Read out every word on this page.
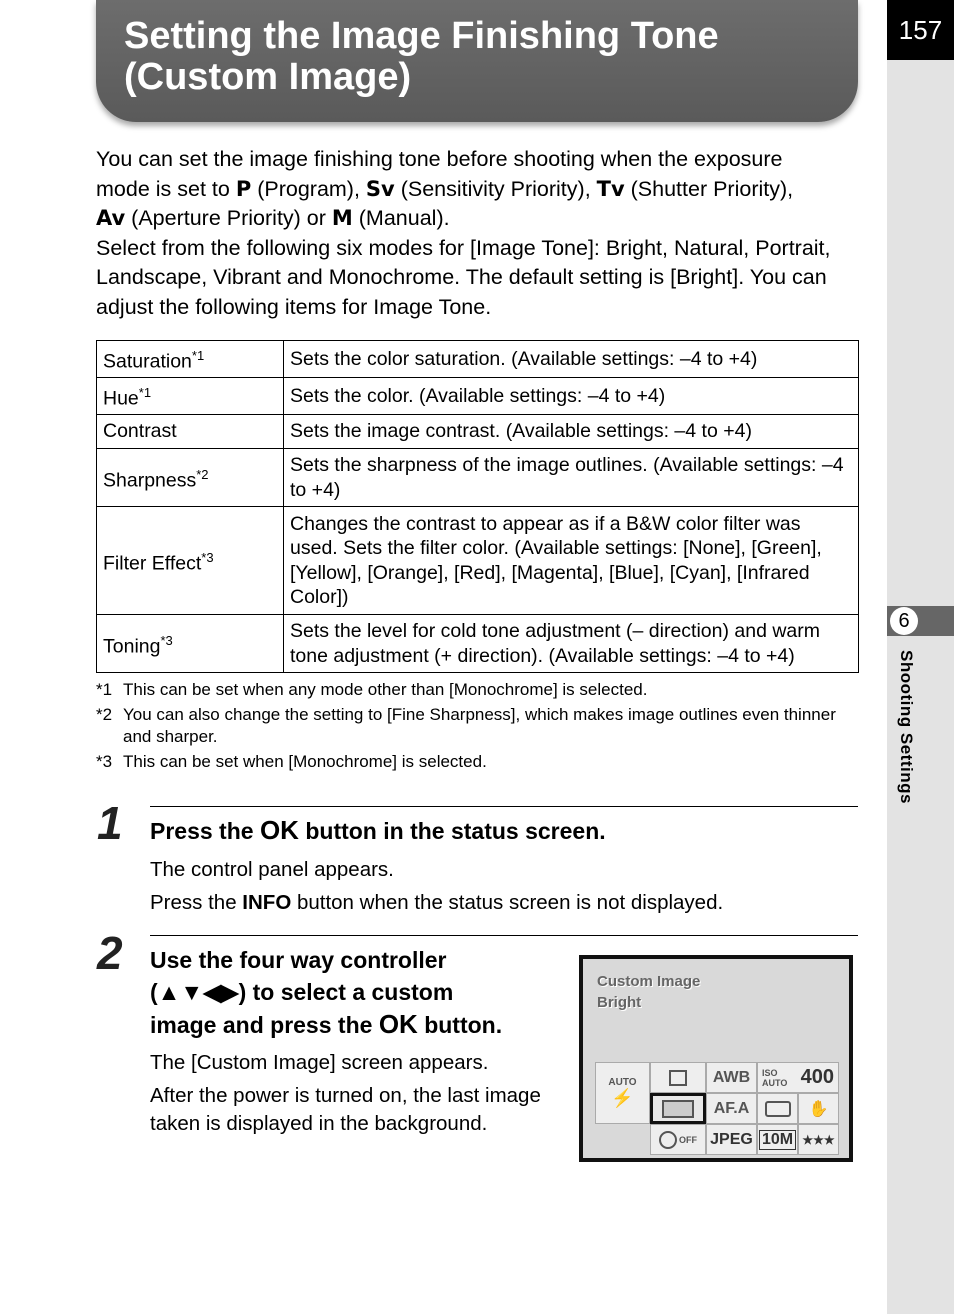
157
6
Shooting Settings
Setting the Image Finishing Tone
(Custom Image)

You can set the image finishing tone before shooting when the exposure

mode is set to P (Program), Sv (Sensitivity Priority), Tv (Shutter Priority),

Av (Aperture Priority) or M (Manual).

Select from the following six modes for [Image Tone]: Bright, Natural, Portrait, Landscape, Vibrant and Monochrome. The default setting is [Bright]. You can adjust the following items for Image Tone.

Saturation$^{*1}$	Sets the color saturation. (Available settings: –4 to +4)
Hue$^{*1}$	Sets the color. (Available settings: –4 to +4)
Contrast	Sets the image contrast. (Available settings: –4 to +4)
Sharpness$^{*2}$	Sets the sharpness of the image outlines. (Available settings: –4 to +4)
Filter Effect$^{*3}$	Changes the contrast to appear as if a B&W color filter was used. Sets the filter color. (Available settings: [None], [Green], [Yellow], [Orange], [Red], [Magenta], [Blue], [Cyan], [Infrared Color])
Toning$^{*3}$	Sets the level for cold tone adjustment (– direction) and warm tone adjustment (+ direction). (Available settings: –4 to +4)
*1 This can be set when any mode other than [Monochrome] is selected.
*2 You can also change the setting to [Fine Sharpness], which makes image outlines even thinner and sharper.
*3 This can be set when [Monochrome] is selected.
1 Press the OK button in the status screen.

The control panel appears.

Press the INFO button when the status screen is not displayed.

2 Use the four way controller
(▲▼◀▶) to select a custom
image and press the OK button.

The [Custom Image] screen appears.

After the power is turned on, the last image taken is displayed in the background.

Custom Image
Bright
AUTO
⚡
AWB	ISO AUTO 400
AF.A	✋
OFF JPEG 10M ★★★
